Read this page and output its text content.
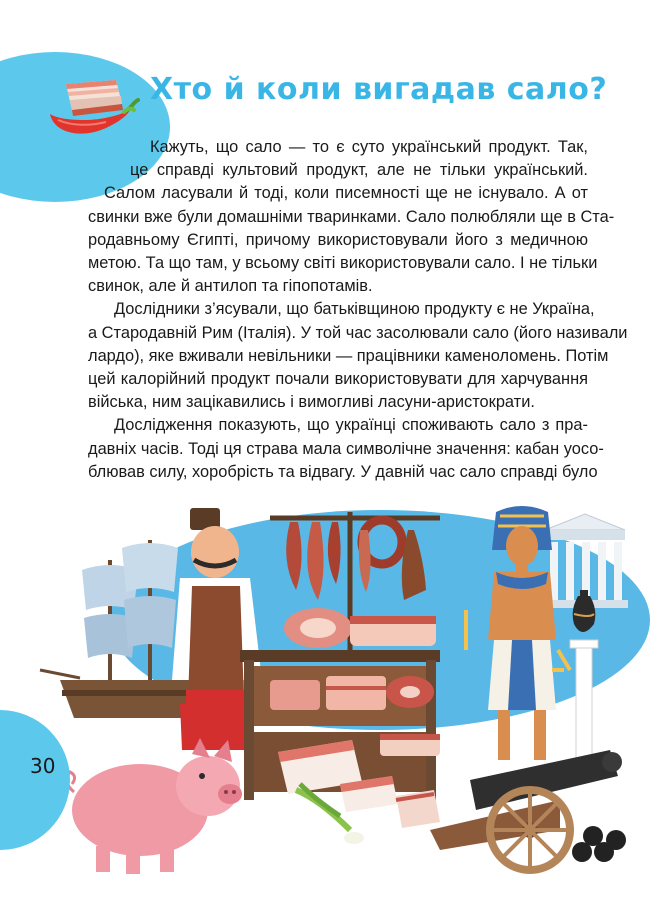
Хто й коли вигадав сало?
Кажуть, що сало — то є суто український продукт. Так,
це справді культовий продукт, але не тільки український.
Салом ласували й тоді, коли писемності ще не існувало. А от
свинки вже були домашніми тваринками. Сало полюбляли ще в Ста-
родавньому Єгипті, причому використовували його з медичною
метою. Та що там, у всьому світі використовували сало. І не тільки
свинок, але й антилоп та гіпопотамів.
Дослідники з’ясували, що батьківщиною продукту є не Україна,
а Стародавній Рим (Італія). У той час засолювали сало (його називали
лардо), яке вживали невільники — працівники каменоломень. Потім
цей калорійний продукт почали використовувати для харчування
війська, ним зацікавились і вимогливі ласуни-аристократи.
Дослідження показують, що українці споживають сало з пра-
давніх часів. Тоді ця страва мала символічне значення: кабан уосо-
блював силу, хоробрість та відвагу. У давній час сало справді було
30
